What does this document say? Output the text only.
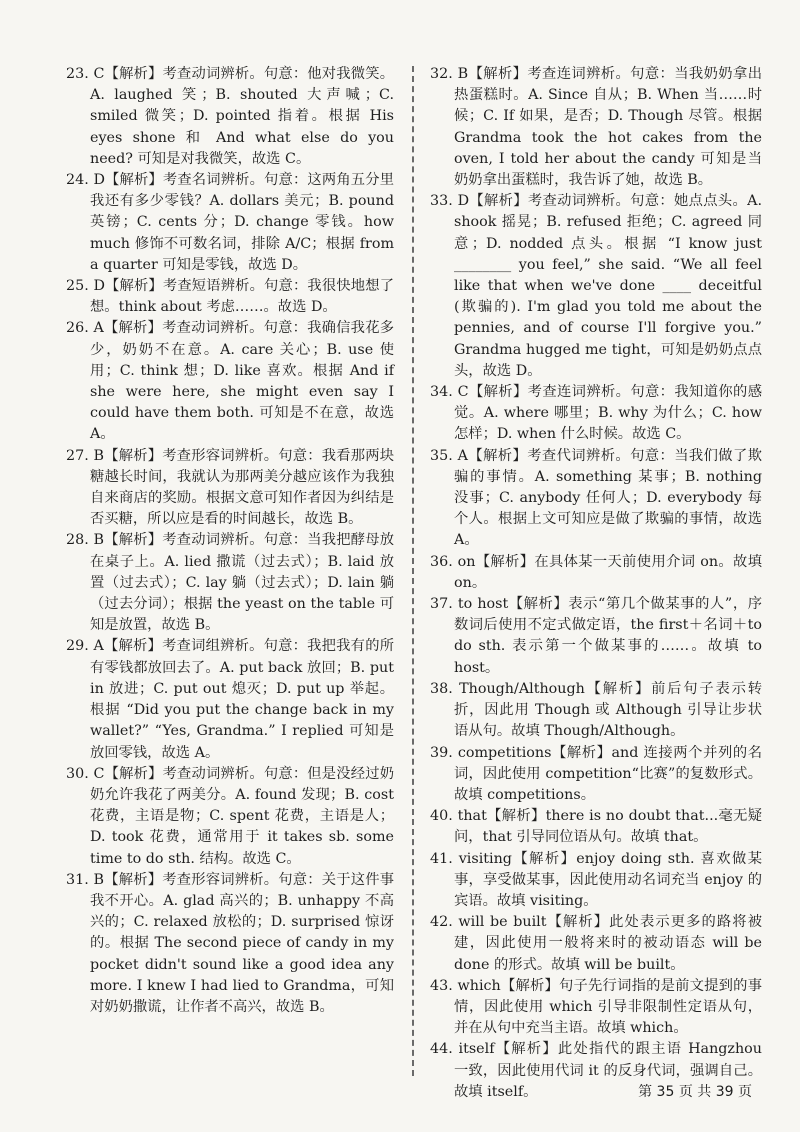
23. C【解析】考查动词辨析。句意：他对我微笑。A. laughed 笑；B. shouted 大声喊；C. smiled 微笑；D. pointed 指着。根据 His eyes shone 和 And what else do you need? 可知是对我微笑，故选 C。

24. D【解析】考查名词辨析。句意：这两角五分里我还有多少零钱？A. dollars 美元；B. pound 英镑；C. cents 分；D. change 零钱。how much 修饰不可数名词，排除 A/C；根据 from a quarter 可知是零钱，故选 D。

25. D【解析】考查短语辨析。句意：我很快地想了想。think about 考虑……。故选 D。

26. A【解析】考查动词辨析。句意：我确信我花多少，奶奶不在意。A. care 关心；B. use 使用；C. think 想；D. like 喜欢。根据 And if she were here, she might even say I could have them both. 可知是不在意，故选 A。

27. B【解析】考查形容词辨析。句意：我看那两块糖越长时间，我就认为那两美分越应该作为我独自来商店的奖励。根据文意可知作者因为纠结是否买糖，所以应是看的时间越长，故选 B。

28. B【解析】考查动词辨析。句意：当我把酵母放在桌子上。A. lied 撒谎（过去式）；B. laid 放置（过去式）；C. lay 躺（过去式）；D. lain 躺（过去分词）；根据 the yeast on the table 可知是放置，故选 B。

29. A【解析】考查词组辨析。句意：我把我有的所有零钱都放回去了。A. put back 放回；B. put in 放进；C. put out 熄灭；D. put up 举起。根据 “Did you put the change back in my wallet?” “Yes, Grandma.” I replied 可知是放回零钱，故选 A。

30. C【解析】考查动词辨析。句意：但是没经过奶奶允许我花了两美分。A. found 发现；B. cost 花费，主语是物；C. spent 花费，主语是人；D. took 花费，通常用于 it takes sb. some time to do sth. 结构。故选 C。

31. B【解析】考查形容词辨析。句意：关于这件事我不开心。A. glad 高兴的；B. unhappy 不高兴的；C. relaxed 放松的；D. surprised 惊讶的。根据 The second piece of candy in my pocket didn't sound like a good idea any more. I knew I had lied to Grandma，可知对奶奶撒谎，让作者不高兴，故选 B。

32. B【解析】考查连词辨析。句意：当我奶奶拿出热蛋糕时。A. Since 自从；B. When 当……时候；C. If 如果，是否；D. Though 尽管。根据 Grandma took the hot cakes from the oven, I told her about the candy 可知是当奶奶拿出蛋糕时，我告诉了她，故选 B。

33. D【解析】考查动词辨析。句意：她点点头。A. shook 摇晃；B. refused 拒绝；C. agreed 同意；D. nodded 点头。根据 “I know just ________ you feel,” she said. “We all feel like that when we've done ____ deceitful (欺骗的). I'm glad you told me about the pennies, and of course I'll forgive you.” Grandma hugged me tight，可知是奶奶点点头，故选 D。

34. C【解析】考查连词辨析。句意：我知道你的感觉。A. where 哪里；B. why 为什么；C. how 怎样；D. when 什么时候。故选 C。

35. A【解析】考查代词辨析。句意：当我们做了欺骗的事情。A. something 某事；B. nothing 没事；C. anybody 任何人；D. everybody 每个人。根据上文可知应是做了欺骗的事情，故选 A。

36. on【解析】在具体某一天前使用介词 on。故填 on。

37. to host【解析】表示“第几个做某事的人”，序数词后使用不定式做定语，the first＋名词＋to do sth. 表示第一个做某事的……。故填 to host。

38. Though/Although【解析】前后句子表示转折，因此用 Though 或 Although 引导让步状语从句。故填 Though/Although。

39. competitions【解析】and 连接两个并列的名词，因此使用 competition“比赛”的复数形式。故填 competitions。

40. that【解析】there is no doubt that...毫无疑问，that 引导同位语从句。故填 that。

41. visiting【解析】enjoy doing sth. 喜欢做某事，享受做某事，因此使用动名词充当 enjoy 的宾语。故填 visiting。

42. will be built【解析】此处表示更多的路将被建，因此使用一般将来时的被动语态 will be done 的形式。故填 will be built。

43. which【解析】句子先行词指的是前文提到的事情，因此使用 which 引导非限制性定语从句，并在从句中充当主语。故填 which。

44. itself【解析】此处指代的跟主语 Hangzhou 一致，因此使用代词 it 的反身代词，强调自己。故填 itself。	第 35 页 共 39 页
